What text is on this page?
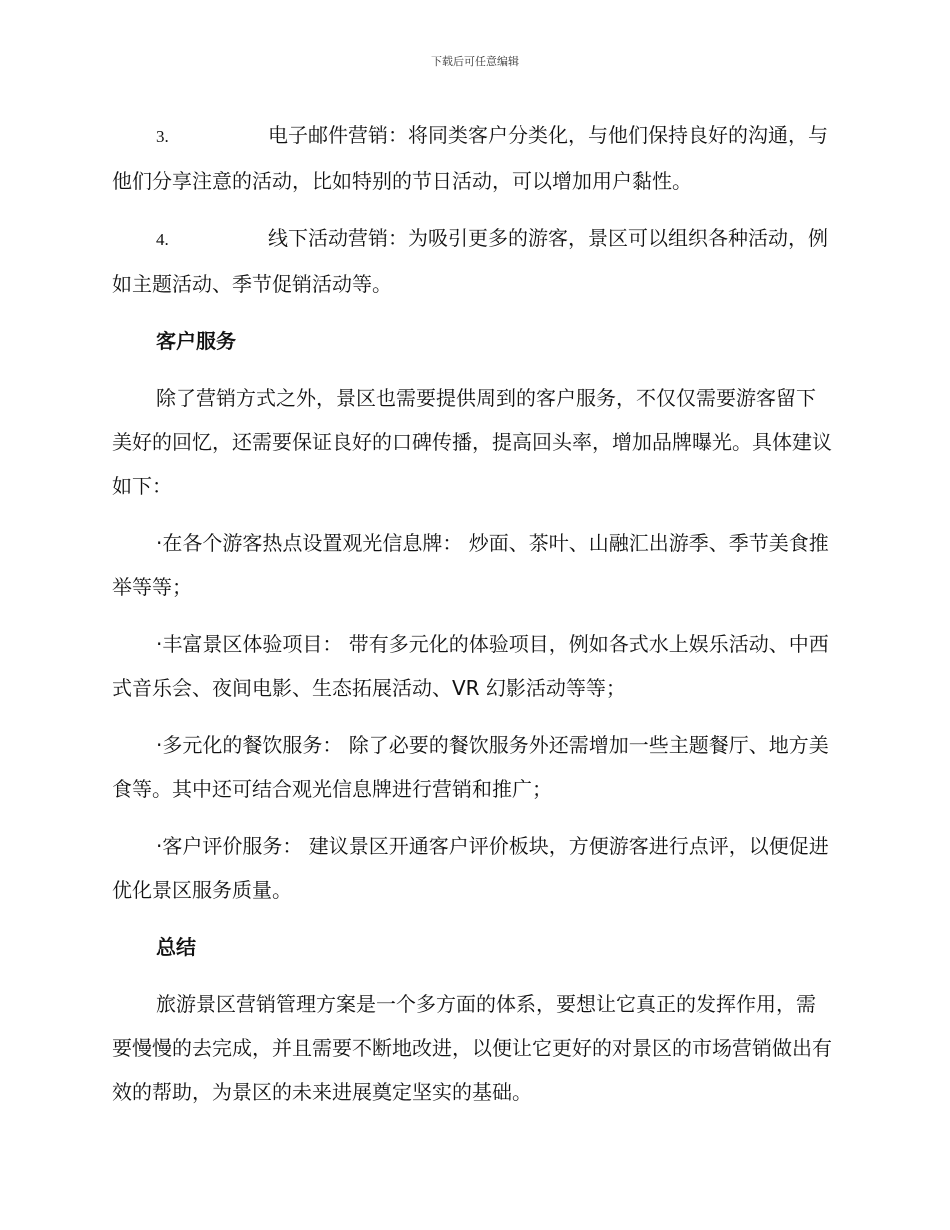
下载后可任意编辑
3.	电子邮件营销：将同类客户分类化，与他们保持良好的沟通，与他们分享注意的活动，比如特别的节日活动，可以增加用户黏性。
4.	线下活动营销：为吸引更多的游客，景区可以组织各种活动，例如主题活动、季节促销活动等。
客户服务
除了营销方式之外，景区也需要提供周到的客户服务，不仅仅需要游客留下美好的回忆，还需要保证良好的口碑传播，提高回头率，增加品牌曝光。具体建议如下：
· 在各个游客热点设置观光信息牌： 炒面、茶叶、山融汇出游季、季节美食推举等等；
· 丰富景区体验项目： 带有多元化的体验项目，例如各式水上娱乐活动、中西式音乐会、夜间电影、生态拓展活动、VR 幻影活动等等；
· 多元化的餐饮服务： 除了必要的餐饮服务外还需增加一些主题餐厅、地方美食等。其中还可结合观光信息牌进行营销和推广；
· 客户评价服务： 建议景区开通客户评价板块，方便游客进行点评，以便促进优化景区服务质量。
总结
旅游景区营销管理方案是一个多方面的体系，要想让它真正的发挥作用，需要慢慢的去完成，并且需要不断地改进，以便让它更好的对景区的市场营销做出有效的帮助，为景区的未来进展奠定坚实的基础。
